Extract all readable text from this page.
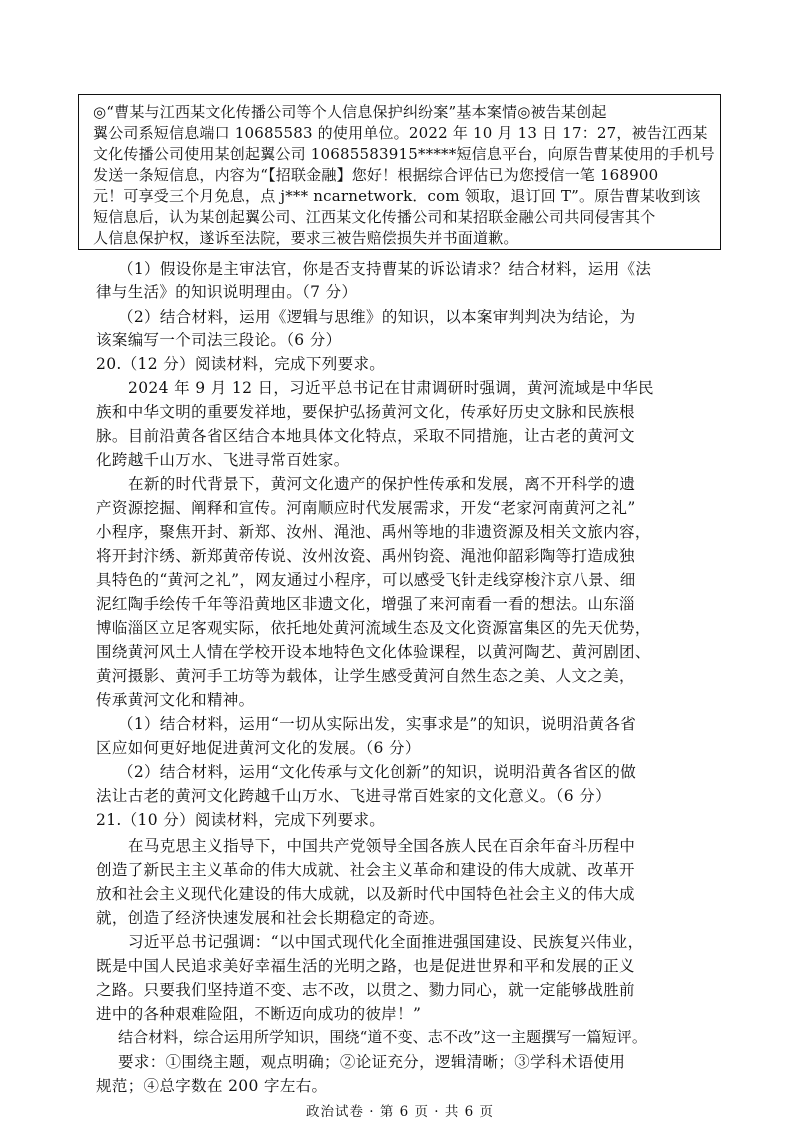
◎“曹某与江西某文化传播公司等个人信息保护纠纷案”基本案情◎被告某创起
翼公司系短信息端口 10685583 的使用单位。2022 年 10 月 13 日 17：27，被告江西某
文化传播公司使用某创起翼公司 10685583915*****短信息平台，向原告曹某使用的手机号
发送一条短信息，内容为“【招联金融】您好！根据综合评估已为您授信一笔 168900
元！可享受三个月免息，点 j*** ncarnetwork．com 领取，退订回 T”。原告曹某收到该
短信息后，认为某创起翼公司、江西某文化传播公司和某招联金融公司共同侵害其个
人信息保护权，遂诉至法院，要求三被告赔偿损失并书面道歉。
（1）假设你是主审法官，你是否支持曹某的诉讼请求？结合材料，运用《法
律与生活》的知识说明理由。（7 分）
（2）结合材料，运用《逻辑与思维》的知识，以本案审判判决为结论，为
该案编写一个司法三段论。（6 分）
20.（12 分）阅读材料，完成下列要求。
2024 年 9 月 12 日，习近平总书记在甘肃调研时强调，黄河流域是中华民
族和中华文明的重要发祥地，要保护弘扬黄河文化，传承好历史文脉和民族根
脉。目前沿黄各省区结合本地具体文化特点，采取不同措施，让古老的黄河文
化跨越千山万水、飞进寻常百姓家。
在新的时代背景下，黄河文化遗产的保护性传承和发展，离不开科学的遗
产资源挖掘、阐释和宣传。河南顺应时代发展需求，开发“老家河南黄河之礼”
小程序，聚焦开封、新郑、汝州、渑池、禹州等地的非遗资源及相关文旅内容，
将开封汴绣、新郑黄帝传说、汝州汝瓷、禹州钧瓷、渑池仰韶彩陶等打造成独
具特色的“黄河之礼”，网友通过小程序，可以感受飞针走线穿梭汴京八景、细
泥红陶手绘传千年等沿黄地区非遗文化，增强了来河南看一看的想法。山东淄
博临淄区立足客观实际，依托地处黄河流域生态及文化资源富集区的先天优势，
围绕黄河风土人情在学校开设本地特色文化体验课程，以黄河陶艺、黄河剧团、
黄河摄影、黄河手工坊等为载体，让学生感受黄河自然生态之美、人文之美，
传承黄河文化和精神。
（1）结合材料，运用“一切从实际出发，实事求是”的知识，说明沿黄各省
区应如何更好地促进黄河文化的发展。（6 分）
（2）结合材料，运用“文化传承与文化创新”的知识，说明沿黄各省区的做
法让古老的黄河文化跨越千山万水、飞进寻常百姓家的文化意义。（6 分）
21.（10 分）阅读材料，完成下列要求。
在马克思主义指导下，中国共产党领导全国各族人民在百余年奋斗历程中
创造了新民主主义革命的伟大成就、社会主义革命和建设的伟大成就、改革开
放和社会主义现代化建设的伟大成就，以及新时代中国特色社会主义的伟大成
就，创造了经济快速发展和社会长期稳定的奇迹。
习近平总书记强调：“以中国式现代化全面推进强国建设、民族复兴伟业，
既是中国人民追求美好幸福生活的光明之路，也是促进世界和平和发展的正义
之路。只要我们坚持道不变、志不改，以贯之、勠力同心，就一定能够战胜前
进中的各种艰难险阻，不断迈向成功的彼岸！”
结合材料，综合运用所学知识，围绕“道不变、志不改”这一主题撰写一篇短评。
要求：①围绕主题，观点明确；②论证充分，逻辑清晰；③学科术语使用
规范；④总字数在 200 字左右。
政治试卷 · 第 6 页 · 共 6 页
